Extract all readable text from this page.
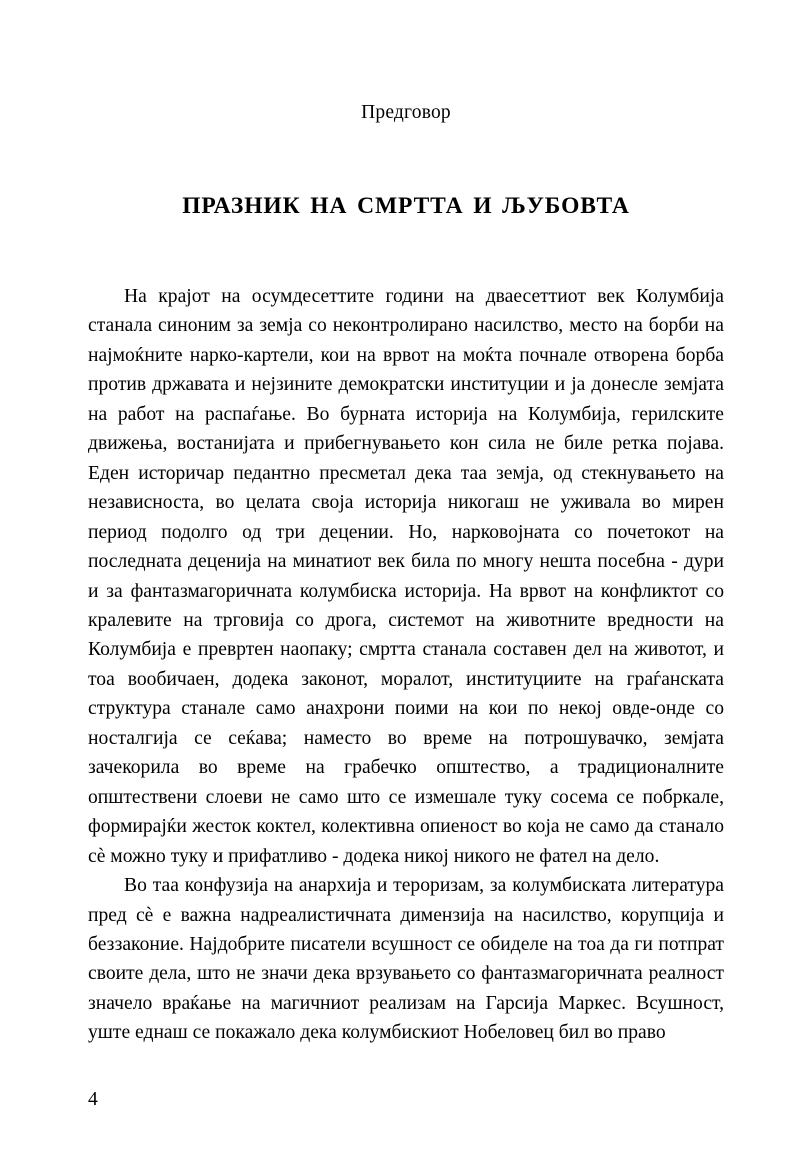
Предговор
ПРАЗНИК НА СМРТТА И ЉУБОВТА

На крајот на осумдесеттите години на дваесеттиот век Колумбија станала синоним за земја со неконтролирано насилство, место на борби на најмоќните нарко-картели, кои на врвот на моќта почнале отворена борба против државата и нејзините демократски институции и ја донесле земјата на работ на распаѓање. Во бурната историја на Колумбија, герилските движења, востанијата и прибегнувањето кон сила не биле ретка појава. Еден историчар педантно пресметал дека таа земја, од стекнувањето на независноста, во целата своја историја никогаш не уживала во мирен период подолго од три децении. Но, нарковојната со почетокот на последната деценија на минатиот век била по многу нешта посебна - дури и за фантазмагоричната колумбиска историја. На врвот на конфликтот со кралевите на трговија со дрога, системот на животните вредности на Колумбија е превртен наопаку; смртта станала составен дел на животот, и тоа вообичаен, додека законот, моралот, институциите на граѓанската структура станале само анахрони поими на кои по некој овде-онде со носталгија се сеќава; наместо во време на потрошувачко, земјата зачекорила во време на грабечко општество, а традиционалните општествени слоеви не само што се измешале туку сосема се побркале, формирајќи жесток коктел, колективна опиеност во која не само да станало сѐ можно туку и прифатливо - додека никој никого не фател на дело.

Во таа конфузија на анархија и тероризам, за колумбиската литература пред сѐ е важна надреалистичната димензија на насилство, корупција и беззаконие. Најдобрите писатели всушност се обиделе на тоа да ги потпрат своите дела, што не значи дека врзувањето со фантазмагоричната реалност значело враќање на магичниот реализам на Гарсија Маркес. Всушност, уште еднаш се покажало дека колумбискиот Нобеловец бил во право

4
